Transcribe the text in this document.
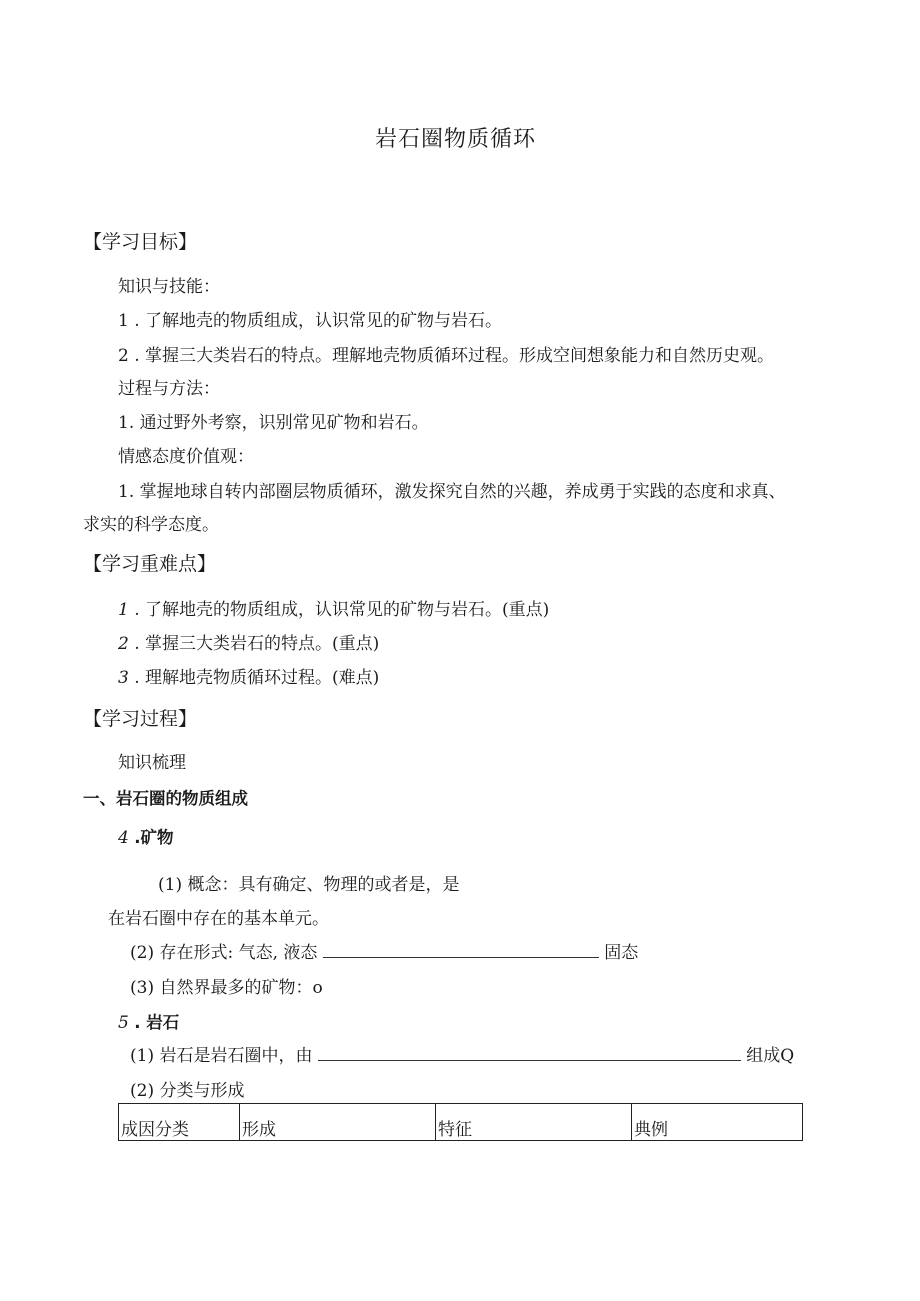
岩石圈物质循环
【学习目标】
知识与技能：
1 . 了解地壳的物质组成，认识常见的矿物与岩石。
2 . 掌握三大类岩石的特点。理解地壳物质循环过程。形成空间想象能力和自然历史观。
过程与方法：
1. 通过野外考察，识别常见矿物和岩石。
情感态度价值观：
1. 掌握地球自转内部圈层物质循环，激发探究自然的兴趣，养成勇于实践的态度和求真、
求实的科学态度。
【学习重难点】
1 . 了解地壳的物质组成，认识常见的矿物与岩石。(重点)
2 . 掌握三大类岩石的特点。(重点)
3 . 理解地壳物质循环过程。(难点)
【学习过程】
知识梳理
一、岩石圈的物质组成
4 .矿物
(1) 概念：具有确定、物理的或者是，是
在岩石圈中存在的基本单元。
(2) 存在形式: 气态, 液态	固态
(3) 自然界最多的矿物：o
5 . 岩石
(1) 岩石是岩石圈中，由	组成Q
(2) 分类与形成
成因分类	形成	特征	典例
